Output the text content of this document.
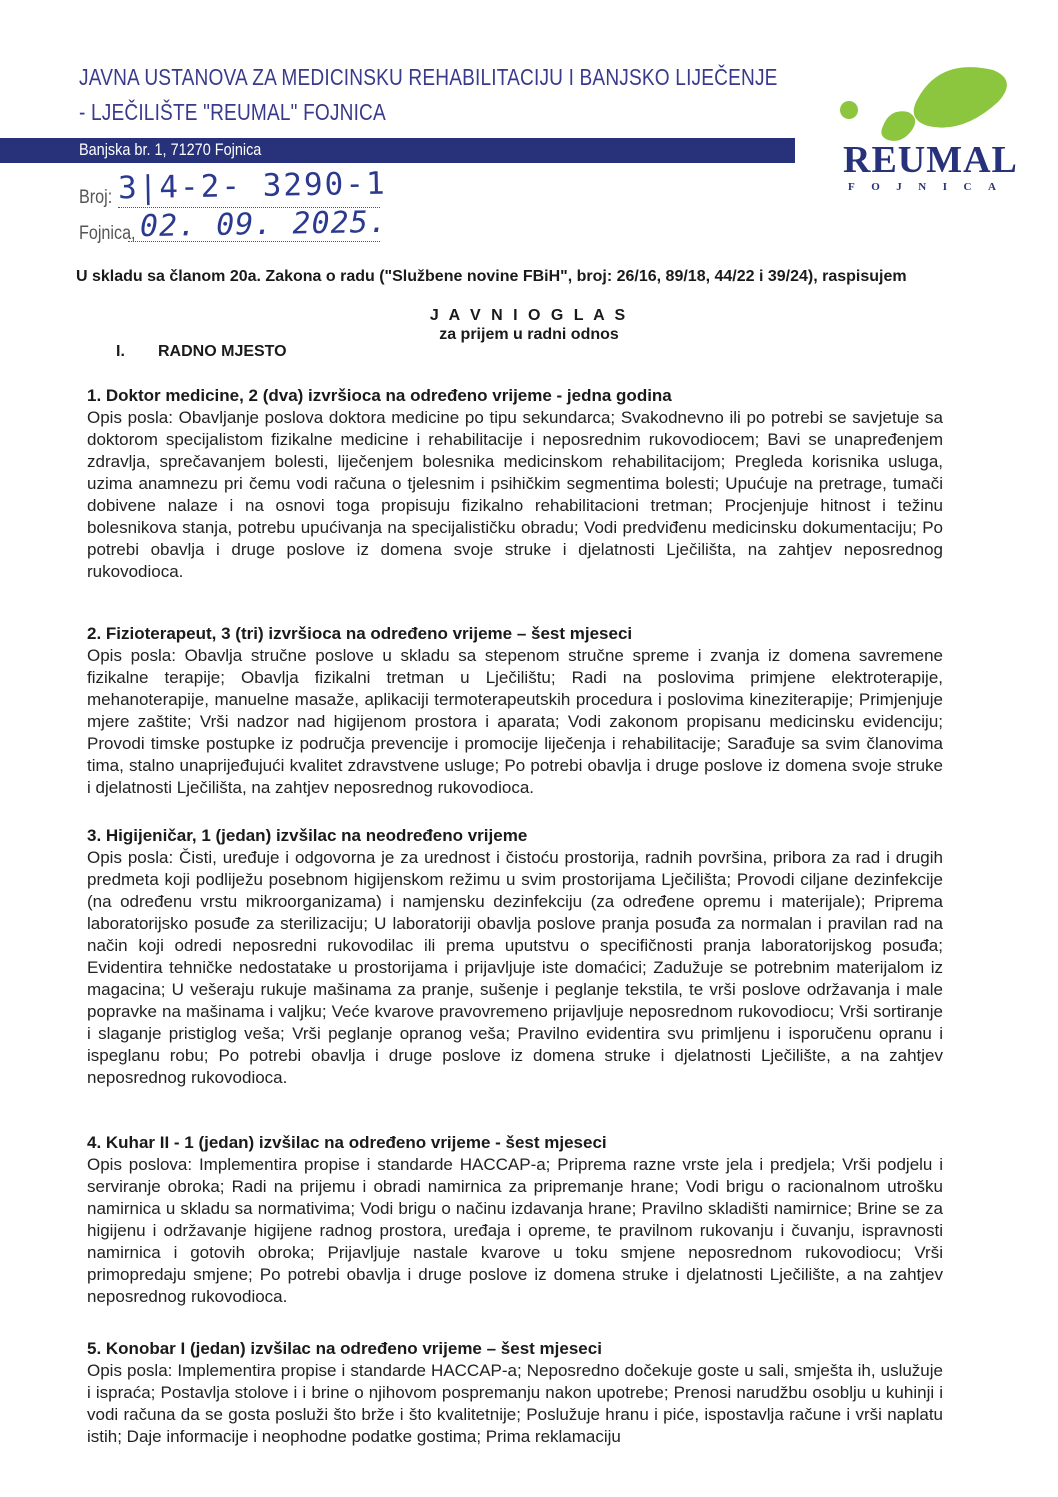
JAVNA USTANOVA ZA MEDICINSKU REHABILITACIJU I BANJSKO LIJEČENJE
- LJEČILIŠTE "REUMAL" FOJNICA
Banjska br. 1, 71270 Fojnica	REUMAL
FOJNICA
Broj: 3|4-2- 3290-1
Fojnica, 02. 09. 2025.
U skladu sa članom 20a. Zakona o radu ("Službene novine FBiH", broj: 26/16, 89/18, 44/22 i 39/24), raspisujem
J A V N I O G L A S
za prijem u radni odnos
I. RADNO MJESTO
1. Doktor medicine, 2 (dva) izvršioca na određeno vrijeme - jedna godina
Opis posla: Obavljanje poslova doktora medicine po tipu sekundarca; Svakodnevno ili po potrebi se savjetuje sa doktorom specijalistom fizikalne medicine i rehabilitacije i neposrednim rukovodiocem; Bavi se unapređenjem zdravlja, sprečavanjem bolesti, liječenjem bolesnika medicinskom rehabilitacijom; Pregleda korisnika usluga, uzima anamnezu pri čemu vodi računa o tjelesnim i psihičkim segmentima bolesti; Upućuje na pretrage, tumači dobivene nalaze i na osnovi toga propisuju fizikalno rehabilitacioni tretman; Procjenjuje hitnost i težinu bolesnikova stanja, potrebu upućivanja na specijalističku obradu; Vodi predviđenu medicinsku dokumentaciju; Po potrebi obavlja i druge poslove iz domena svoje struke i djelatnosti Lječilišta, na zahtjev neposrednog rukovodioca.
2. Fizioterapeut, 3 (tri) izvršioca na određeno vrijeme – šest mjeseci
Opis posla: Obavlja stručne poslove u skladu sa stepenom stručne spreme i zvanja iz domena savremene fizikalne terapije; Obavlja fizikalni tretman u Lječilištu; Radi na poslovima primjene elektroterapije, mehanoterapije, manuelne masaže, aplikaciji termoterapeutskih procedura i poslovima kineziterapije; Primjenjuje mjere zaštite; Vrši nadzor nad higijenom prostora i aparata; Vodi zakonom propisanu medicinsku evidenciju; Provodi timske postupke iz područja prevencije i promocije liječenja i rehabilitacije; Sarađuje sa svim članovima tima, stalno unaprijeđujući kvalitet zdravstvene usluge; Po potrebi obavlja i druge poslove iz domena svoje struke i djelatnosti Lječilišta, na zahtjev neposrednog rukovodioca.
3. Higijeničar, 1 (jedan) izvšilac na neodređeno vrijeme
Opis posla: Čisti, uređuje i odgovorna je za urednost i čistoću prostorija, radnih površina, pribora za rad i drugih predmeta koji podliježu posebnom higijenskom režimu u svim prostorijama Lječilišta; Provodi ciljane dezinfekcije (na određenu vrstu mikroorganizama) i namjensku dezinfekciju (za određene opremu i materijale); Priprema laboratorijsko posuđe za sterilizaciju; U laboratoriji obavlja poslove pranja posuđa za normalan i pravilan rad na način koji odredi neposredni rukovodilac ili prema uputstvu o specifičnosti pranja laboratorijskog posuđa; Evidentira tehničke nedostatake u prostorijama i prijavljuje iste domaćici; Zadužuje se potrebnim materijalom iz magacina; U vešeraju rukuje mašinama za pranje, sušenje i peglanje tekstila, te vrši poslove održavanja i male popravke na mašinama i valjku; Veće kvarove pravovremeno prijavljuje neposrednom rukovodiocu; Vrši sortiranje i slaganje pristiglog veša; Vrši peglanje opranog veša; Pravilno evidentira svu primljenu i isporučenu opranu i ispeglanu robu; Po potrebi obavlja i druge poslove iz domena struke i djelatnosti Lječilište, a na zahtjev neposrednog rukovodioca.
4. Kuhar II - 1 (jedan) izvšilac na određeno vrijeme - šest mjeseci
Opis poslova: Implementira propise i standarde HACCAP-a; Priprema razne vrste jela i predjela; Vrši podjelu i serviranje obroka; Radi na prijemu i obradi namirnica za pripremanje hrane; Vodi brigu o racionalnom utrošku namirnica u skladu sa normativima; Vodi brigu o načinu izdavanja hrane; Pravilno skladišti namirnice; Brine se za higijenu i održavanje higijene radnog prostora, uređaja i opreme, te pravilnom rukovanju i čuvanju, ispravnosti namirnica i gotovih obroka; Prijavljuje nastale kvarove u toku smjene neposrednom rukovodiocu; Vrši primopredaju smjene; Po potrebi obavlja i druge poslove iz domena struke i djelatnosti Lječilište, a na zahtjev neposrednog rukovodioca.
5. Konobar I (jedan) izvšilac na određeno vrijeme – šest mjeseci
Opis posla: Implementira propise i standarde HACCAP-a; Neposredno dočekuje goste u sali, smješta ih, uslužuje i ispraća; Postavlja stolove i i brine o njihovom pospremanju nakon upotrebe; Prenosi narudžbu osoblju u kuhinji i vodi računa da se gosta posluži što brže i što kvalitetnije; Poslužuje hranu i piće, ispostavlja račune i vrši naplatu istih; Daje informacije i neophodne podatke gostima; Prima reklamaciju
